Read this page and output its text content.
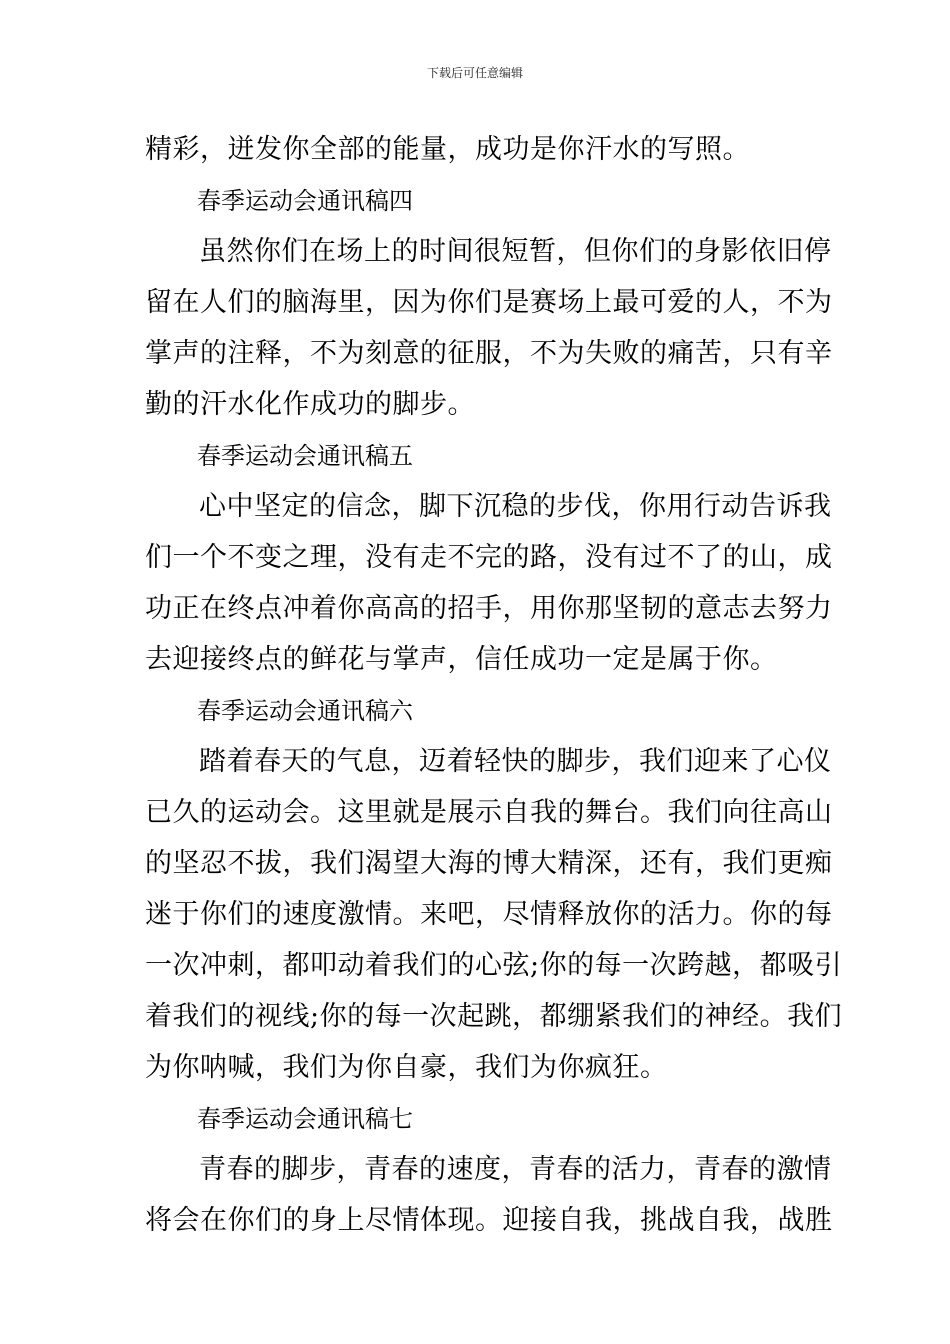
下载后可任意编辑
精彩，迸发你全部的能量，成功是你汗水的写照。
春季运动会通讯稿四
虽然你们在场上的时间很短暂，但你们的身影依旧停
留在人们的脑海里，因为你们是赛场上最可爱的人，不为
掌声的注释，不为刻意的征服，不为失败的痛苦，只有辛
勤的汗水化作成功的脚步。
春季运动会通讯稿五
心中坚定的信念，脚下沉稳的步伐，你用行动告诉我
们一个不变之理，没有走不完的路，没有过不了的山，成
功正在终点冲着你高高的招手，用你那坚韧的意志去努力
去迎接终点的鲜花与掌声，信任成功一定是属于你。
春季运动会通讯稿六
踏着春天的气息，迈着轻快的脚步，我们迎来了心仪
已久的运动会。这里就是展示自我的舞台。我们向往高山
的坚忍不拔，我们渴望大海的博大精深，还有，我们更痴
迷于你们的速度激情。来吧，尽情释放你的活力。你的每
一次冲刺，都叩动着我们的心弦;你的每一次跨越，都吸引
着我们的视线;你的每一次起跳，都绷紧我们的神经。我们
为你呐喊，我们为你自豪，我们为你疯狂。
春季运动会通讯稿七
青春的脚步，青春的速度，青春的活力，青春的激情
将会在你们的身上尽情体现。迎接自我，挑战自我，战胜
